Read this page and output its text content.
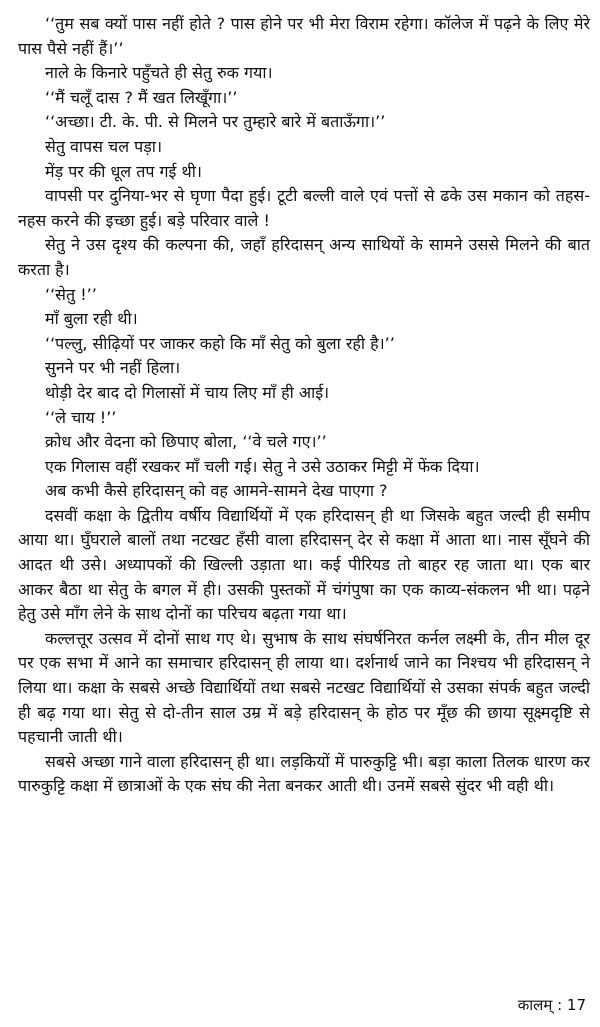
‘‘तुम सब क्यों पास नहीं होते ? पास होने पर भी मेरा विराम रहेगा। कॉलेज में पढ़ने के लिए मेरे पास पैसे नहीं हैं।’’

नाले के किनारे पहुँचते ही सेतु रुक गया।

‘‘मैं चलूँ दास ? मैं खत लिखूँगा।’’

‘‘अच्छा। टी. के. पी. से मिलने पर तुम्हारे बारे में बताऊँगा।’’

सेतु वापस चल पड़ा।

मेंड़ पर की धूल तप गई थी।

वापसी पर दुनिया-भर से घृणा पैदा हुई। टूटी बल्ली वाले एवं पत्तों से ढके उस मकान को तहस-नहस करने की इच्छा हुई। बड़े परिवार वाले !

सेतु ने उस दृश्य की कल्पना की, जहाँ हरिदासन् अन्य साथियों के सामने उससे मिलने की बात करता है।

‘‘सेतु !’’

माँ बुला रही थी।

‘‘पल्लु, सीढ़ियों पर जाकर कहो कि माँ सेतु को बुला रही है।’’

सुनने पर भी नहीं हिला।

थोड़ी देर बाद दो गिलासों में चाय लिए माँ ही आई।

‘‘ले चाय !’’

क्रोध और वेदना को छिपाए बोला, ‘‘वे चले गए।’’

एक गिलास वहीं रखकर माँ चली गई। सेतु ने उसे उठाकर मिट्टी में फेंक दिया।

अब कभी कैसे हरिदासन् को वह आमने-सामने देख पाएगा ?

दसवीं कक्षा के द्वितीय वर्षीय विद्यार्थियों में एक हरिदासन् ही था जिसके बहुत जल्दी ही समीप आया था। घुँघराले बालों तथा नटखट हँसी वाला हरिदासन् देर से कक्षा में आता था। नास सूँघने की आदत थी उसे। अध्यापकों की खिल्ली उड़ाता था। कई पीरियड तो बाहर रह जाता था। एक बार आकर बैठा था सेतु के बगल में ही। उसकी पुस्तकों में चंगंपुषा का एक काव्य-संकलन भी था। पढ़ने हेतु उसे माँग लेने के साथ दोनों का परिचय बढ़ता गया था।

कल्लत्तूर उत्सव में दोनों साथ गए थे। सुभाष के साथ संघर्षनिरत कर्नल लक्ष्मी के, तीन मील दूर पर एक सभा में आने का समाचार हरिदासन् ही लाया था। दर्शनार्थ जाने का निश्चय भी हरिदासन् ने लिया था। कक्षा के सबसे अच्छे विद्यार्थियों तथा सबसे नटखट विद्यार्थियों से उसका संपर्क बहुत जल्दी ही बढ़ गया था। सेतु से दो-तीन साल उम्र में बड़े हरिदासन् के होठ पर मूँछ की छाया सूक्ष्मदृष्टि से पहचानी जाती थी।

सबसे अच्छा गाने वाला हरिदासन् ही था। लड़कियों में पारुकुट्टि भी। बड़ा काला तिलक धारण कर पारुकुट्टि कक्षा में छात्राओं के एक संघ की नेता बनकर आती थी। उनमें सबसे सुंदर भी वही थी।

कालम् : 17
